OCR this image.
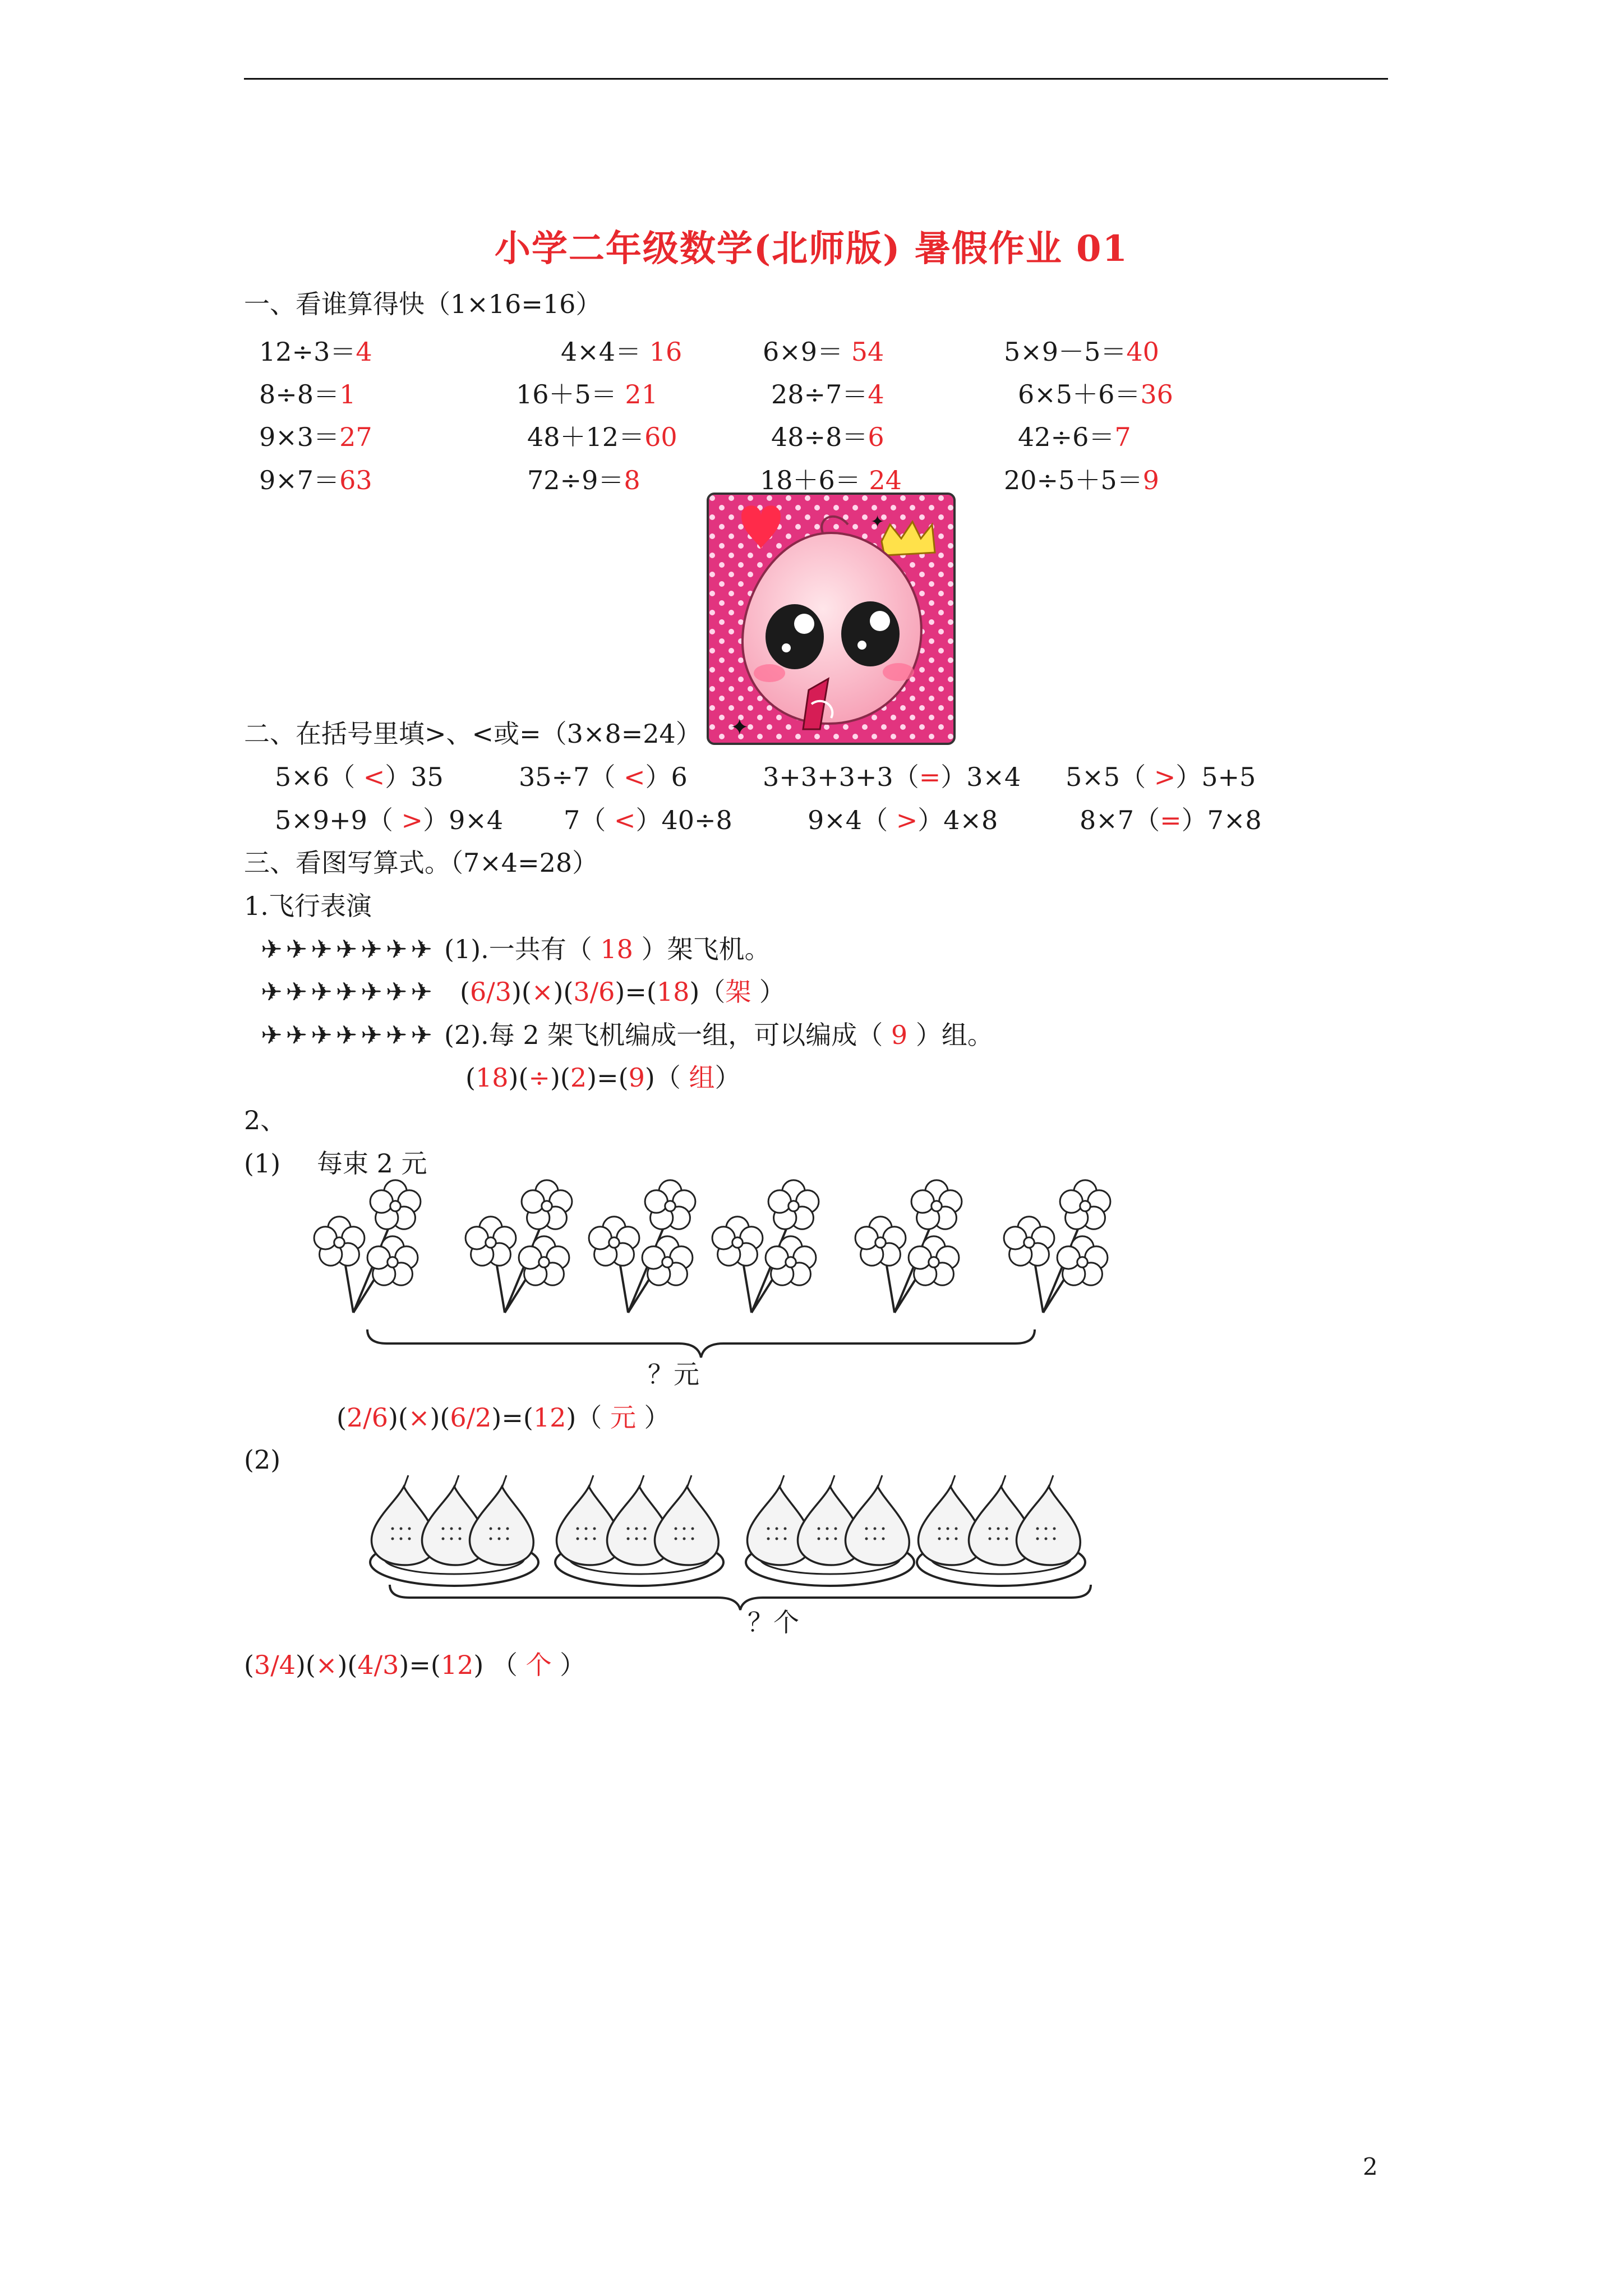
小学二年级数学(北师版) 暑假作业 01
一、看谁算得快（1×16=16）
✦
✦
二、在括号里填>、<或=（3×8=24）
三、看图写算式。（7×4=28）
1.飞行表演
✈✈✈✈✈✈✈
✈✈✈✈✈✈✈
✈✈✈✈✈✈✈
(1).一共有（ 18 ）架飞机。
(6/3)(×)(3/6)=(18)（架 ）
(2).每 2 架飞机编成一组，可以编成（ 9 ）组。
(18)(÷)(2)=(9)（ 组）
2、
(1) 每束 2 元
？元
(2/6)(×)(6/2)=(12)（ 元 ）
(2)
？个
(3/4)(×)(4/3)=(12) （ 个 ）
2
12÷3＝4	4×4＝ 16	6×9＝ 54	5×9－5＝40
8÷8＝1	16＋5＝ 21	28÷7＝4	6×5＋6＝36
9×3＝27	48＋12＝60	48÷8＝6	42÷6＝7
9×7＝63	72÷9＝8	18＋6＝ 24	20÷5＋5＝9
5×6（ <）35	35÷7（ <）6	3+3+3+3（=）3×4 5×5（ >）5+5
5×9+9（ >）9×4 7（ <）40÷8	9×4（ >）4×8	8×7（=）7×8
